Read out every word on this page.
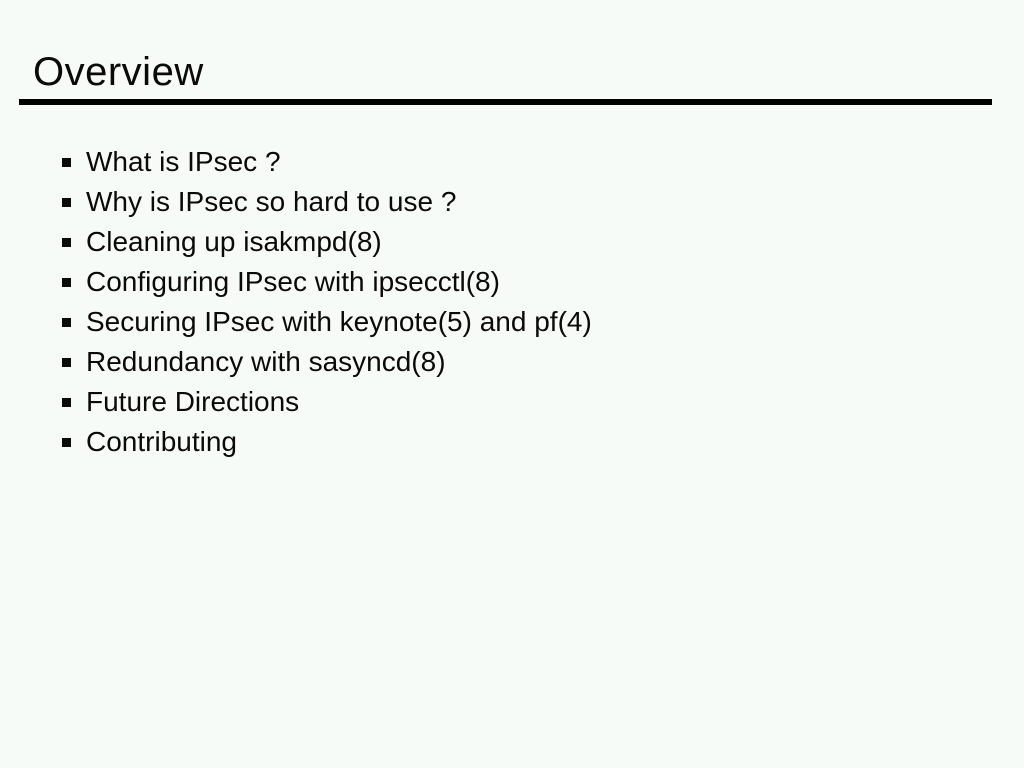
Overview
What is IPsec ?
Why is IPsec so hard to use ?
Cleaning up isakmpd(8)
Configuring IPsec with ipsecctl(8)
Securing IPsec with keynote(5) and pf(4)
Redundancy with sasyncd(8)
Future Directions
Contributing
